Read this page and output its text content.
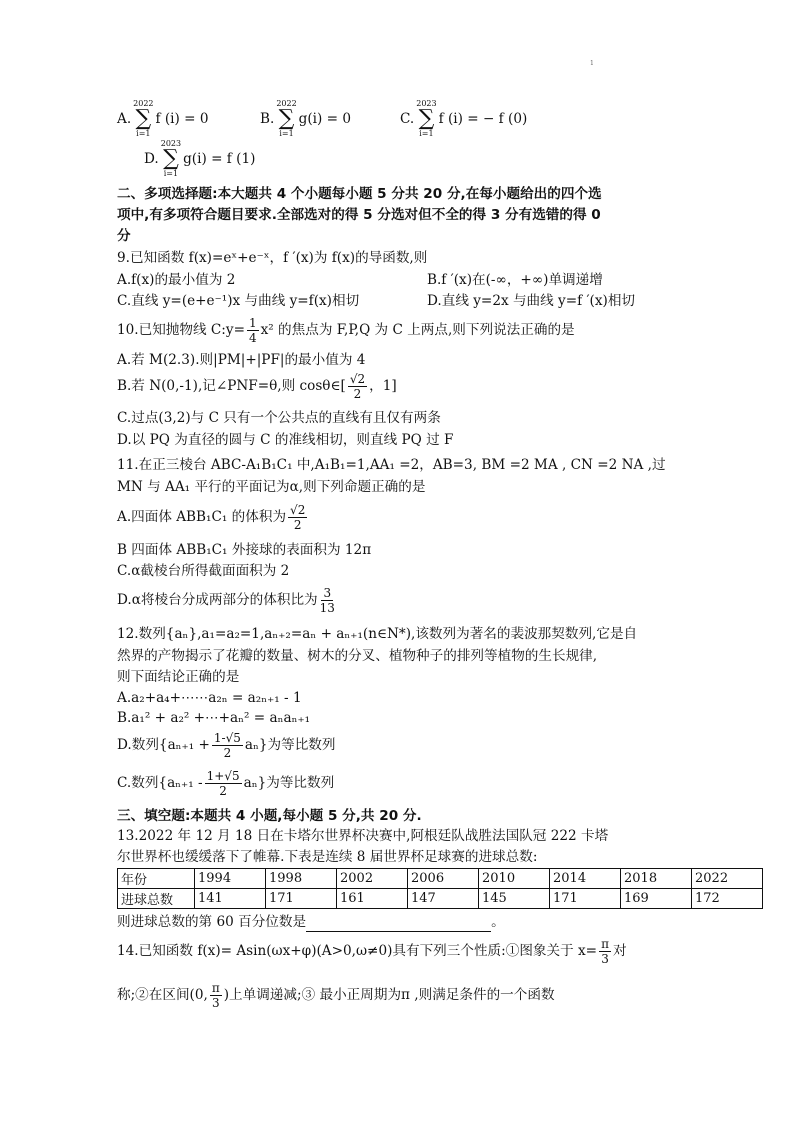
1
A.
2022
∑
i=1
f (i) = 0	B.
2022
∑
i=1
g(i) = 0	C.
2023
∑
i=1
f (i) = − f (0)
D.
2023
∑
i=1
g(i) = f (1)
二、多项选择题:本大题共 4 个小题每小题 5 分共 20 分,在每小题给出的四个选
项中,有多项符合题目要求.全部选对的得 5 分选对但不全的得 3 分有选错的得 0
分
9.已知函数 f(x)=eˣ+e⁻ˣ，f ′(x)为 f(x)的导函数,则
A.f(x)的最小值为 2	B.f ′(x)在(-∞，+∞)单调递增
C.直线 y=(e+e⁻¹)x 与曲线 y=f(x)相切	D.直线 y=2x 与曲线 y=f ′(x)相切
10.已知抛物线 C:y= $\frac{1}{4} x^2$ 的焦点为 F,P,Q 为 C 上两点,则下列说法正确的是
A.若 M(2.3).则|PM|+|PF|的最小值为 4
B.若 N(0,-1),记∠PNF=θ,则 cosθ∈[ $\frac{√2}{2}$ ，1]
C.过点(3,2)与 C 只有一个公共点的直线有且仅有两条
D.以 PQ 为直径的圆与 C 的准线相切，则直线 PQ 过 F
11.在正三棱台 ABC-A₁B₁C₁ 中,A₁B₁=1,AA₁ =2，AB=3, BM =2 MA , CN =2 NA ,过
MN 与 AA₁ 平行的平面记为α,则下列命题正确的是
A.四面体 ABB₁C₁ 的体积为 $\frac{√2}{2}$
B 四面体 ABB₁C₁ 外接球的表面积为 12π
C.α截棱台所得截面面积为 2
D.α将棱台分成两部分的体积比为 $\frac{3}{13}$
12.数列{aₙ},a₁=a₂=1,aₙ₊₂=aₙ + aₙ₊₁(n∈N*),该数列为著名的裴波那契数列,它是自
然界的产物揭示了花瓣的数量、树木的分叉、植物种子的排列等植物的生长规律,
则下面结论正确的是
A.a₂+a₄+⋯⋯a₂ₙ = a₂ₙ₊₁ - 1
B.a₁² + a₂² +⋯+aₙ² = aₙaₙ₊₁
D.数列$\{a_{n+1} + \frac{1-√5}{2} a_n\}$为等比数列
C.数列$\{a_{n+1} - \frac{1+√5}{2} a_n\}$为等比数列
三、填空题:本题共 4 小题,每小题 5 分,共 20 分.
13.2022 年 12 月 18 日在卡塔尔世界杯决赛中,阿根廷队战胜法国队冠 222 卡塔
尔世界杯也缓缓落下了帷幕.下表是连续 8 届世界杯足球赛的进球总数:
年份	1994	1998	2002	2006	2010	2014	2018	2022
进球总数	141	171	161	147	145	171	169	172
则进球总数的第 60 百分位数是	。
14.已知函数 f(x)= Asin(ωx+φ)(A>0,ω≠0)具有下列三个性质:①图象关于 $x= \frac{\pi}{3}$ 对
称;②在区间(0, $\frac{\pi}{3}$ )上单调递减;③ 最小正周期为π ,则满足条件的一个函数
